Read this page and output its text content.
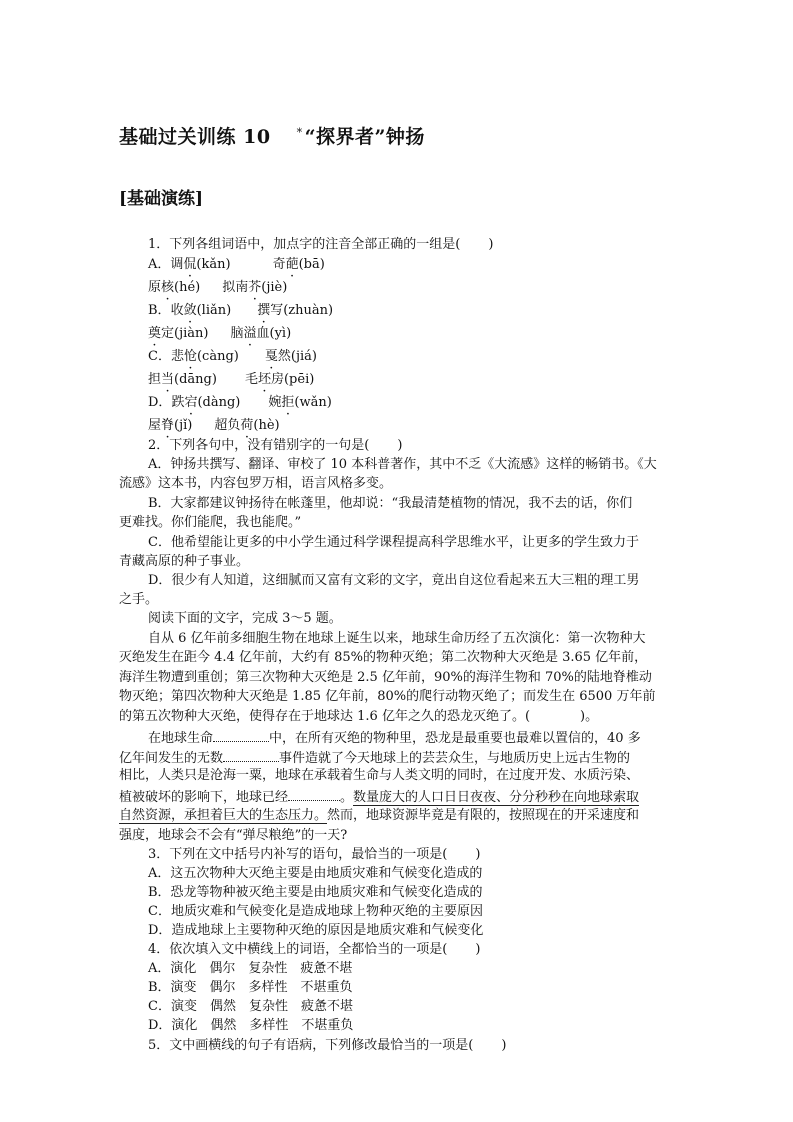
基础过关训练 10 * “探界者”钟扬
[基础演练]
1．下列各组词语中，加点字的注音全部正确的一组是( )
A．调侃(kǎn)	奇葩(bā)
原核(hé) 拟南芥(jiè)
B．收敛(liǎn) 撰写(zhuàn)
奠定(jiàn) 脑溢血(yì)
C．悲怆(càng) 戛然(jiá)
担当(dāng) 毛坯房(pēi)
D．跌宕(dàng) 婉拒(wǎn)
屋脊(jǐ) 超负荷(hè)
2．下列各句中，没有错别字的一句是( )
A．钟扬共撰写、翻译、审校了 10 本科普著作，其中不乏《大流感》这样的畅销书。《大
流感》这本书，内容包罗万相，语言风格多变。
B．大家都建议钟扬待在帐蓬里，他却说：“我最清楚植物的情况，我不去的话，你们
更难找。你们能爬，我也能爬。”
C．他希望能让更多的中小学生通过科学课程提高科学思维水平，让更多的学生致力于
青藏高原的种子事业。
D．很少有人知道，这细腻而又富有文彩的文字，竟出自这位看起来五大三粗的理工男
之手。
阅读下面的文字，完成 3～5 题。
自从 6 亿年前多细胞生物在地球上诞生以来，地球生命历经了五次演化：第一次物种大
灭绝发生在距今 4.4 亿年前，大约有 85%的物种灭绝；第二次物种大灭绝是 3.65 亿年前，
海洋生物遭到重创；第三次物种大灭绝是 2.5 亿年前，90%的海洋生物和 70%的陆地脊椎动
物灭绝；第四次物种大灭绝是 1.85 亿年前，80%的爬行动物灭绝了；而发生在 6500 万年前
的第五次物种大灭绝，使得存在于地球达 1.6 亿年之久的恐龙灭绝了。(	)。
在地球生命	中，在所有灭绝的物种里，恐龙是最重要也最难以置信的，40 多
亿年间发生的无数	事件造就了今天地球上的芸芸众生，与地质历史上远古生物的
相比，人类只是沧海一粟，地球在承载着生命与人类文明的同时，在过度开发、水质污染、
植被破坏的影响下，地球已经	。数量庞大的人口日日夜夜、分分秒秒在向地球索取
自然资源，承担着巨大的生态压力。然而，地球资源毕竟是有限的，按照现在的开采速度和
强度，地球会不会有“弹尽粮绝”的一天?
3．下列在文中括号内补写的语句，最恰当的一项是( )
A．这五次物种大灭绝主要是由地质灾难和气候变化造成的
B．恐龙等物种被灭绝主要是由地质灾难和气候变化造成的
C．地质灾难和气候变化是造成地球上物种灭绝的主要原因
D．造成地球上主要物种灭绝的原因是地质灾难和气候变化
4．依次填入文中横线上的词语，全都恰当的一项是( )
A．演化　偶尔　复杂性　疲惫不堪
B．演变　偶尔　多样性　不堪重负
C．演变　偶然　复杂性　疲惫不堪
D．演化　偶然　多样性　不堪重负
5．文中画横线的句子有语病，下列修改最恰当的一项是( )
